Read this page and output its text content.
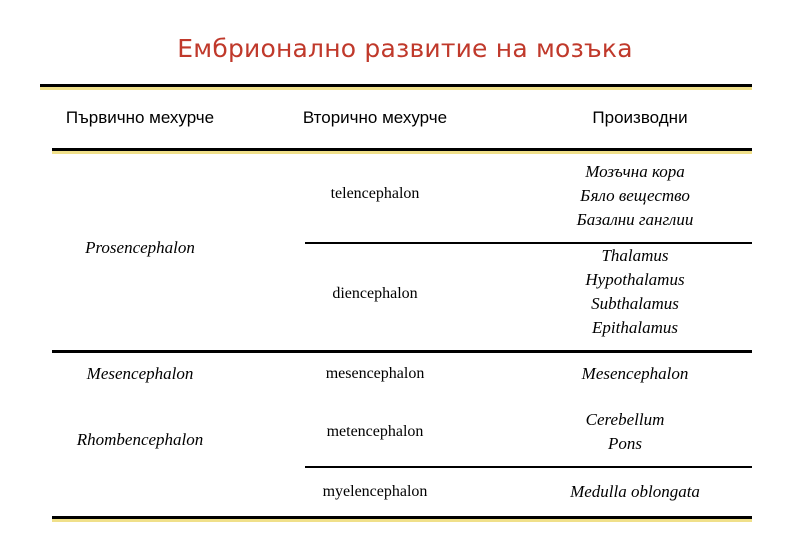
Ембрионално развитие на мозъка
Първично мехурче	Вторично мехурче	Производни
Prosencephalon
Mesencephalon
Rhombencephalon
telencephalon
diencephalon
mesencephalon
metencephalon
myelencephalon
Мозъчна кора
Бяло вещество
Базални ганглии
Thalamus
Hypothalamus
Subthalamus
Epithalamus
Mesencephalon
Cerebellum
Pons
Medulla oblongata
